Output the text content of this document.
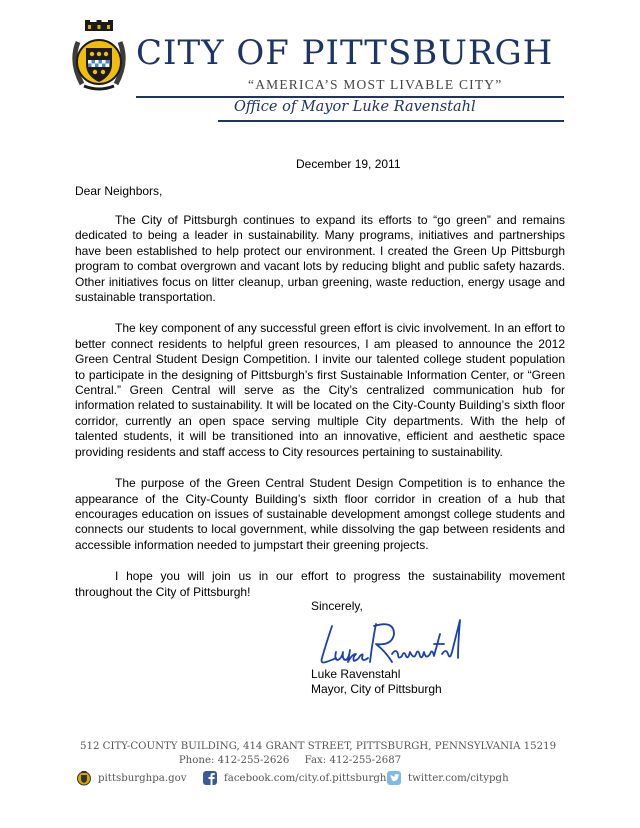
CITY OF PITTSBURGH
“AMERICA’S MOST LIVABLE CITY”
Office of Mayor Luke Ravenstahl
December 19, 2011
Dear Neighbors,

The City of Pittsburgh continues to expand its efforts to “go green” and remains dedicated to being a leader in sustainability. Many programs, initiatives and partnerships have been established to help protect our environment. I created the Green Up Pittsburgh program to combat overgrown and vacant lots by reducing blight and public safety hazards. Other initiatives focus on litter cleanup, urban greening, waste reduction, energy usage and sustainable transportation.

The key component of any successful green effort is civic involvement. In an effort to better connect residents to helpful green resources, I am pleased to announce the 2012 Green Central Student Design Competition. I invite our talented college student population to participate in the designing of Pittsburgh’s first Sustainable Information Center, or “Green Central.” Green Central will serve as the City’s centralized communication hub for information related to sustainability. It will be located on the City-County Building’s sixth floor corridor, currently an open space serving multiple City departments. With the help of talented students, it will be transitioned into an innovative, efficient and aesthetic space providing residents and staff access to City resources pertaining to sustainability.

The purpose of the Green Central Student Design Competition is to enhance the appearance of the City-County Building’s sixth floor corridor in creation of a hub that encourages education on issues of sustainable development amongst college students and connects our students to local government, while dissolving the gap between residents and accessible information needed to jumpstart their greening projects.

I hope you will join us in our effort to progress the sustainability movement throughout the City of Pittsburgh!

Sincerely,
Luke Ravenstahl
Mayor, City of Pittsburgh
512 CITY-COUNTY BUILDING, 414 GRANT STREET, PITTSBURGH, PENNSYLVANIA 15219
Phone: 412-255-2626 Fax: 412-255-2687
pittsburghpa.gov	facebook.com/city.of.pittsburgh twitter.com/citypgh
